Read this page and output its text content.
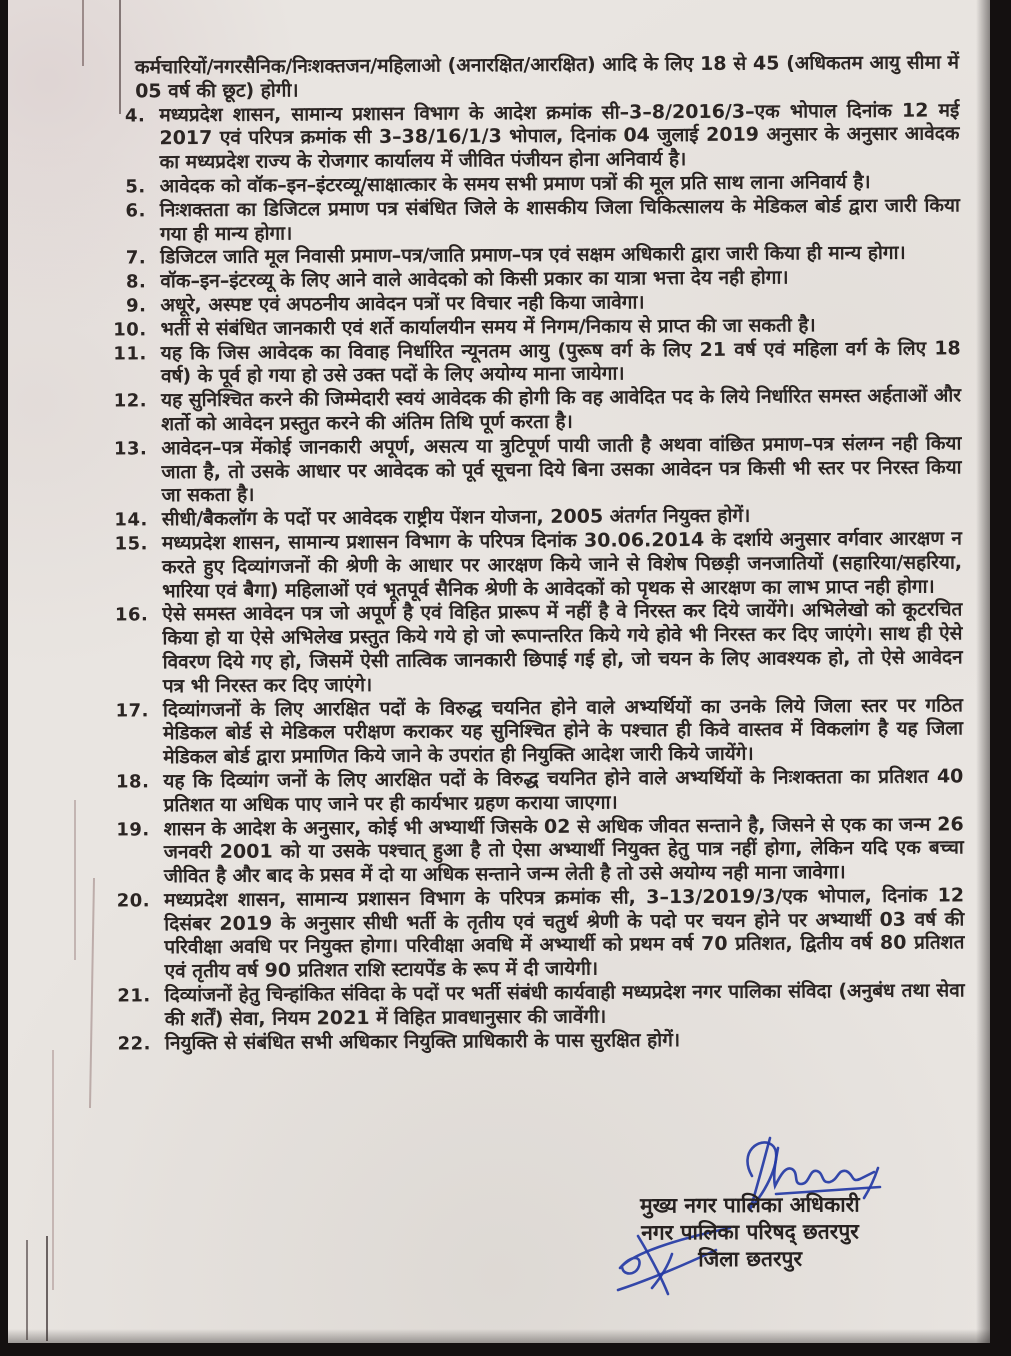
कर्मचारियों/नगरसैनिक/निःशक्तजन/महिलाओ (अनारक्षित/आरक्षित) आदि के लिए 18 से 45 (अधिकतम आयु सीमा में 05 वर्ष की छूट) होगी।

4. मध्यप्रदेश शासन, सामान्य प्रशासन विभाग के आदेश क्रमांक सी–3–8/2016/3–एक भोपाल दिनांक 12 मई 2017 एवं परिपत्र क्रमांक सी 3–38/16/1/3 भोपाल, दिनांक 04 जुलाई 2019 अनुसार के अनुसार आवेदक का मध्यप्रदेश राज्य के रोजगार कार्यालय में जीवित पंजीयन होना अनिवार्य है।

5. आवेदक को वॉक–इन–इंटरव्यू/साक्षात्कार के समय सभी प्रमाण पत्रों की मूल प्रति साथ लाना अनिवार्य है।

6. निःशक्तता का डिजिटल प्रमाण पत्र संबंधित जिले के शासकीय जिला चिकित्सालय के मेडिकल बोर्ड द्वारा जारी किया गया ही मान्य होगा।

7. डिजिटल जाति मूल निवासी प्रमाण–पत्र/जाति प्रमाण–पत्र एवं सक्षम अधिकारी द्वारा जारी किया ही मान्य होगा।

8. वॉक–इन–इंटरव्यू के लिए आने वाले आवेदको को किसी प्रकार का यात्रा भत्ता देय नही होगा।

9. अधूरे, अस्पष्ट एवं अपठनीय आवेदन पत्रों पर विचार नही किया जावेगा।

10. भर्ती से संबंधित जानकारी एवं शर्ते कार्यालयीन समय में निगम/निकाय से प्राप्त की जा सकती है।

11. यह कि जिस आवेदक का विवाह निर्धारित न्यूनतम आयु (पुरूष वर्ग के लिए 21 वर्ष एवं महिला वर्ग के लिए 18 वर्ष) के पूर्व हो गया हो उसे उक्त पदों के लिए अयोग्य माना जायेगा।

12. यह सुनिश्चित करने की जिम्मेदारी स्वयं आवेदक की होगी कि वह आवेदित पद के लिये निर्धारित समस्त अर्हताओं और शर्तो को आवेदन प्रस्तुत करने की अंतिम तिथि पूर्ण करता है।

13. आवेदन–पत्र मेंकोई जानकारी अपूर्ण, असत्य या त्रुटिपूर्ण पायी जाती है अथवा वांछित प्रमाण–पत्र संलग्न नही किया जाता है, तो उसके आधार पर आवेदक को पूर्व सूचना दिये बिना उसका आवेदन पत्र किसी भी स्तर पर निरस्त किया जा सकता है।

14. सीधी/बैकलॉग के पदों पर आवेदक राष्ट्रीय पेंशन योजना, 2005 अंतर्गत नियुक्त होगें।

15. मध्यप्रदेश शासन, सामान्य प्रशासन विभाग के परिपत्र दिनांक 30.06.2014 के दर्शाये अनुसार वर्गवार आरक्षण न करते हुए दिव्यांगजनों की श्रेणी के आधार पर आरक्षण किये जाने से विशेष पिछड़ी जनजातियों (सहारिया/सहरिया, भारिया एवं बैगा) महिलाओं एवं भूतपूर्व सैनिक श्रेणी के आवेदकों को पृथक से आरक्षण का लाभ प्राप्त नही होगा।

16. ऐसे समस्त आवेदन पत्र जो अपूर्ण है एवं विहित प्रारूप में नहीं है वे निरस्त कर दिये जायेंगे। अभिलेखो को कूटरचित किया हो या ऐसे अभिलेख प्रस्तुत किये गये हो जो रूपान्तरित किये गये होवे भी निरस्त कर दिए जाएंगे। साथ ही ऐसे विवरण दिये गए हो, जिसमें ऐसी तात्विक जानकारी छिपाई गई हो, जो चयन के लिए आवश्यक हो, तो ऐसे आवेदन पत्र भी निरस्त कर दिए जाएंगे।

17. दिव्यांगजनों के लिए आरक्षित पदों के विरुद्ध चयनित होने वाले अभ्यर्थियों का उनके लिये जिला स्तर पर गठित मेडिकल बोर्ड से मेडिकल परीक्षण कराकर यह सुनिश्चित होने के पश्चात ही किवे वास्तव में विकलांग है यह जिला मेडिकल बोर्ड द्वारा प्रमाणित किये जाने के उपरांत ही नियुक्ति आदेश जारी किये जायेंगे।

18. यह कि दिव्यांग जनों के लिए आरक्षित पदों के विरुद्ध चयनित होने वाले अभ्यर्थियों के निःशक्तता का प्रतिशत 40 प्रतिशत या अधिक पाए जाने पर ही कार्यभार ग्रहण कराया जाएगा।

19. शासन के आदेश के अनुसार, कोई भी अभ्यार्थी जिसके 02 से अधिक जीवत सन्ताने है, जिसने से एक का जन्म 26 जनवरी 2001 को या उसके पश्चात् हुआ है तो ऐसा अभ्यार्थी नियुक्त हेतु पात्र नहीं होगा, लेकिन यदि एक बच्चा जीवित है और बाद के प्रसव में दो या अधिक सन्ताने जन्म लेती है तो उसे अयोग्य नही माना जावेगा।

20. मध्यप्रदेश शासन, सामान्य प्रशासन विभाग के परिपत्र क्रमांक सी, 3–13/2019/3/एक भोपाल, दिनांक 12 दिसंबर 2019 के अनुसार सीधी भर्ती के तृतीय एवं चतुर्थ श्रेणी के पदो पर चयन होने पर अभ्यार्थी 03 वर्ष की परिवीक्षा अवधि पर नियुक्त होगा। परिवीक्षा अवधि में अभ्यार्थी को प्रथम वर्ष 70 प्रतिशत, द्वितीय वर्ष 80 प्रतिशत एवं तृतीय वर्ष 90 प्रतिशत राशि स्टायपेंड के रूप में दी जायेगी।

21. दिव्यांजनों हेतु चिन्हांकित संविदा के पदों पर भर्ती संबंधी कार्यवाही मध्यप्रदेश नगर पालिका संविदा (अनुबंध तथा सेवा की शर्तें) सेवा, नियम 2021 में विहित प्रावधानुसार की जावेंगी।

22. नियुक्ति से संबंधित सभी अधिकार नियुक्ति प्राधिकारी के पास सुरक्षित होगें।

मुख्य नगर पालिका अधिकारी
नगर पालिका परिषद् छतरपुर
जिला छतरपुर
